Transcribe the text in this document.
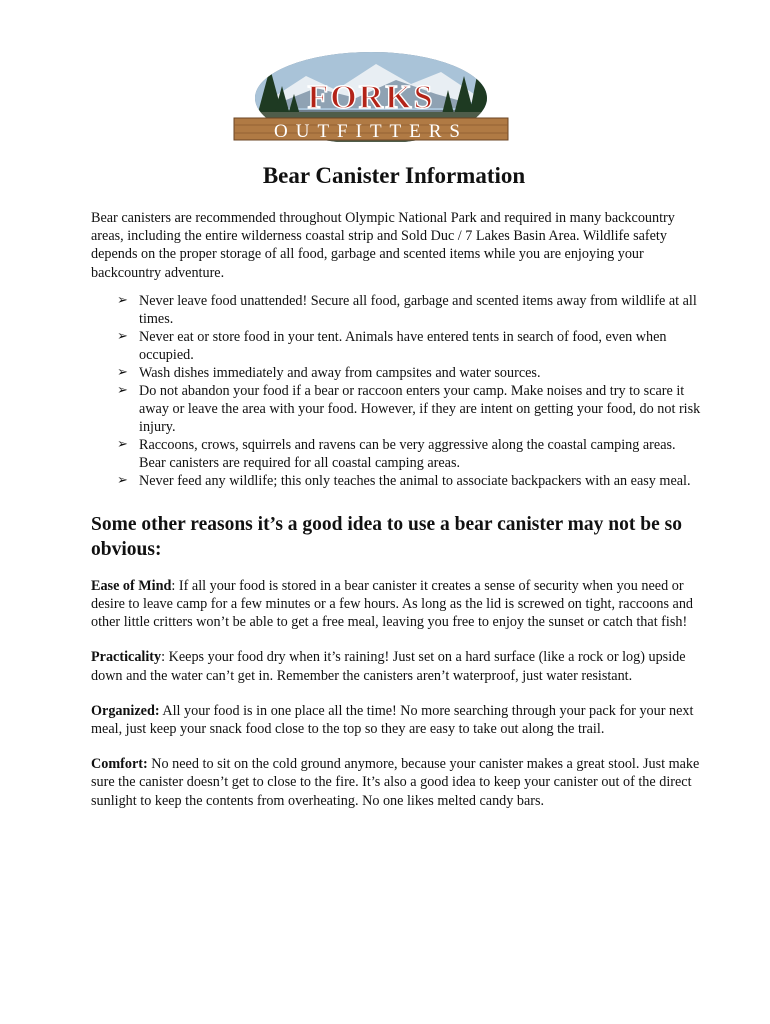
FORKS
OUTFITTERS
Bear Canister Information

Bear canisters are recommended throughout Olympic National Park and required in many backcountry areas, including the entire wilderness coastal strip and Sold Duc / 7 Lakes Basin Area. Wildlife safety depends on the proper storage of all food, garbage and scented items while you are enjoying your backcountry adventure.

➢ Never leave food unattended! Secure all food, garbage and scented items away from wildlife at all times.
➢ Never eat or store food in your tent. Animals have entered tents in search of food, even when occupied.
➢ Wash dishes immediately and away from campsites and water sources.
➢ Do not abandon your food if a bear or raccoon enters your camp. Make noises and try to scare it away or leave the area with your food. However, if they are intent on getting your food, do not risk injury.
➢ Raccoons, crows, squirrels and ravens can be very aggressive along the coastal camping areas. Bear canisters are required for all coastal camping areas.
➢ Never feed any wildlife; this only teaches the animal to associate backpackers with an easy meal.
Some other reasons it’s a good idea to use a bear canister may not be so obvious:

Ease of Mind: If all your food is stored in a bear canister it creates a sense of security when you need or desire to leave camp for a few minutes or a few hours. As long as the lid is screwed on tight, raccoons and other little critters won’t be able to get a free meal, leaving you free to enjoy the sunset or catch that fish!

Practicality: Keeps your food dry when it’s raining! Just set on a hard surface (like a rock or log) upside down and the water can’t get in. Remember the canisters aren’t waterproof, just water resistant.

Organized: All your food is in one place all the time! No more searching through your pack for your next meal, just keep your snack food close to the top so they are easy to take out along the trail.

Comfort: No need to sit on the cold ground anymore, because your canister makes a great stool. Just make sure the canister doesn’t get to close to the fire. It’s also a good idea to keep your canister out of the direct sunlight to keep the contents from overheating. No one likes melted candy bars.
